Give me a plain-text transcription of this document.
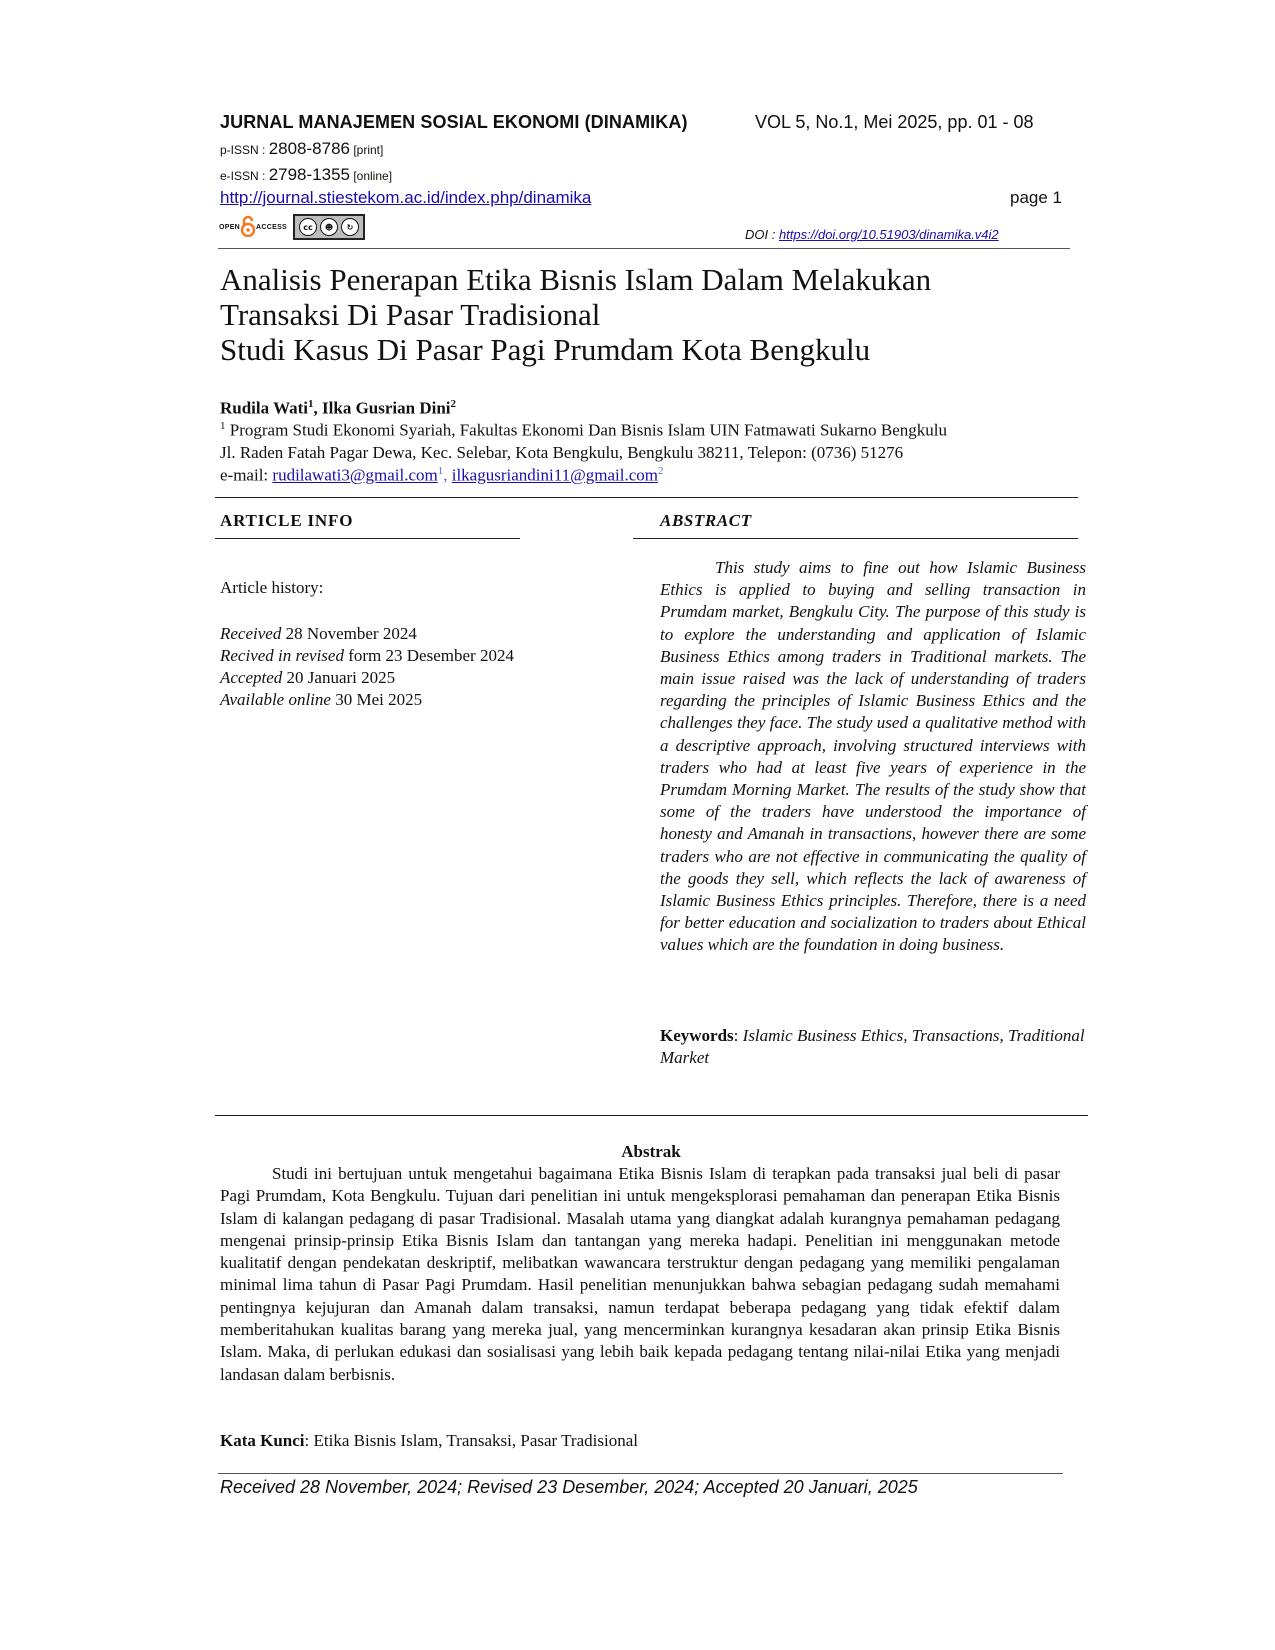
JURNAL MANAJEMEN SOSIAL EKONOMI (DINAMIKA)	VOL 5, No.1, Mei 2025, pp. 01 - 08
p-ISSN : 2808-8786 [print]
e-ISSN : 2798-1355 [online]
http://journal.stiestekom.ac.id/index.php/dinamika	page 1
OPEN ACCESS	cc	☻	↻	DOI : https://doi.org/10.51903/dinamika.v4i2
Analisis Penerapan Etika Bisnis Islam Dalam Melakukan
Transaksi Di Pasar Tradisional
Studi Kasus Di Pasar Pagi Prumdam Kota Bengkulu
Rudila Wati$^1$, Ilka Gusrian Dini$^2$
$^1$ Program Studi Ekonomi Syariah, Fakultas Ekonomi Dan Bisnis Islam UIN Fatmawati Sukarno Bengkulu
Jl. Raden Fatah Pagar Dewa, Kec. Selebar, Kota Bengkulu, Bengkulu 38211, Telepon: (0736) 51276
e-mail: rudilawati3@gmail.com$^1$, ilkagusriandini11@gmail.com$^2$
ARTICLE INFO
Article history:
Received 28 November 2024
Recived in revised form 23 Desember 2024
Accepted 20 Januari 2025
Available online 30 Mei 2025
ABSTRACT

This study aims to fine out how Islamic Business Ethics is applied to buying and selling transaction in Prumdam market, Bengkulu City. The purpose of this study is to explore the understanding and application of Islamic Business Ethics among traders in Traditional markets. The main issue raised was the lack of understanding of traders regarding the principles of Islamic Business Ethics and the challenges they face. The study used a qualitative method with a descriptive approach, involving structured interviews with traders who had at least five years of experience in the Prumdam Morning Market. The results of the study show that some of the traders have understood the importance of honesty and Amanah in transactions, however there are some traders who are not effective in communicating the quality of the goods they sell, which reflects the lack of awareness of Islamic Business Ethics principles. Therefore, there is a need for better education and socialization to traders about Ethical values which are the foundation in doing business.

Keywords: Islamic Business Ethics, Transactions, Traditional Market
Abstrak

Studi ini bertujuan untuk mengetahui bagaimana Etika Bisnis Islam di terapkan pada transaksi jual beli di pasar Pagi Prumdam, Kota Bengkulu. Tujuan dari penelitian ini untuk mengeksplorasi pemahaman dan penerapan Etika Bisnis Islam di kalangan pedagang di pasar Tradisional. Masalah utama yang diangkat adalah kurangnya pemahaman pedagang mengenai prinsip-prinsip Etika Bisnis Islam dan tantangan yang mereka hadapi. Penelitian ini menggunakan metode kualitatif dengan pendekatan deskriptif, melibatkan wawancara terstruktur dengan pedagang yang memiliki pengalaman minimal lima tahun di Pasar Pagi Prumdam. Hasil penelitian menunjukkan bahwa sebagian pedagang sudah memahami pentingnya kejujuran dan Amanah dalam transaksi, namun terdapat beberapa pedagang yang tidak efektif dalam memberitahukan kualitas barang yang mereka jual, yang mencerminkan kurangnya kesadaran akan prinsip Etika Bisnis Islam. Maka, di perlukan edukasi dan sosialisasi yang lebih baik kepada pedagang tentang nilai-nilai Etika yang menjadi landasan dalam berbisnis.

Kata Kunci: Etika Bisnis Islam, Transaksi, Pasar Tradisional
Received 28 November, 2024; Revised 23 Desember, 2024; Accepted 20 Januari, 2025
